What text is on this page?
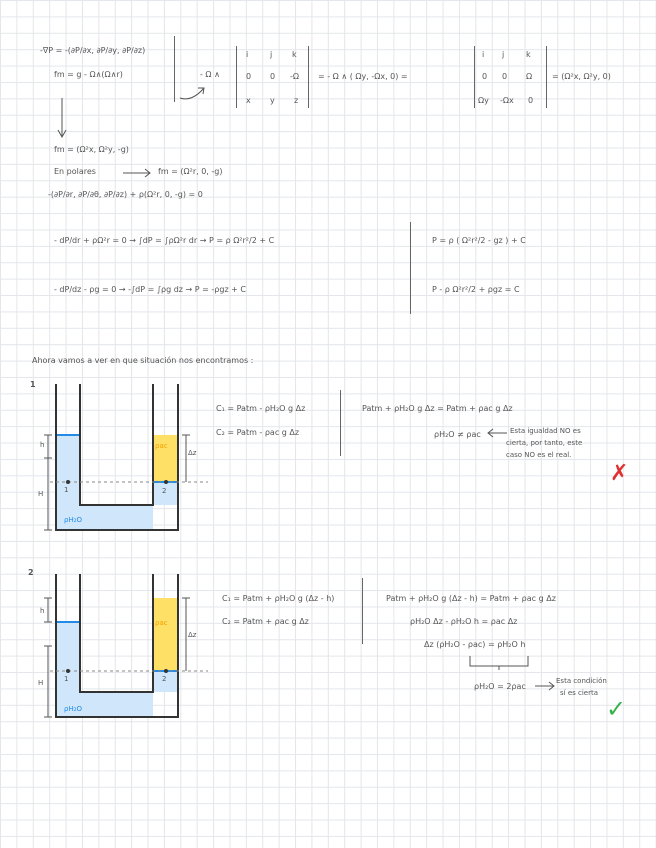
-∇P = -(∂P/∂x, ∂P/∂y, ∂P/∂z)
fm = g - Ω∧(Ω∧r)	- Ω ∧
i	j k
0 0 -Ω
x y z
= - Ω ∧ ( Ωy, -Ωx, 0) =
i j	k
0 0 Ω
Ωy -Ωx 0
= (Ω²x, Ω²y, 0)
fm = (Ω²x, Ω²y, -g)
En polares	fm = (Ω²r, 0, -g)
-(∂P/∂r, ∂P/∂θ, ∂P/∂z) + ρ(Ω²r, 0, -g) = 0
- dP/dr + ρΩ²r = 0 → ∫dP = ∫ρΩ²r dr → P = ρ Ω²r²/2 + C
- dP/dz - ρg = 0 → -∫dP = ∫ρg dz → P = -ρgz + C
P = ρ ( Ω²r²/2 - gz ) + C
P - ρ Ω²r²/2 + ρgz = C
Ahora vamos a ver en que situación nos encontramos :
1
h
H
Δz
1	2
ρH₂O
ρac
C₁ = Patm - ρH₂O g Δz
C₂ = Patm - ρac g Δz
Patm + ρH₂O g Δz = Patm + ρac g Δz
ρH₂O ≠ ρac	Esta igualdad NO es
cierta, por tanto, este
caso NO es el real.
✗
2
h
H
Δz
1	2
ρH₂O
ρac
C₁ = Patm + ρH₂O g (Δz - h)
C₂ = Patm + ρac g Δz
Patm + ρH₂O g (Δz - h) = Patm + ρac g Δz
ρH₂O Δz - ρH₂O h = ρac Δz
Δz (ρH₂O - ρac) = ρH₂O h
ρH₂O = 2ρac
Esta condición
sí es cierta
✓
